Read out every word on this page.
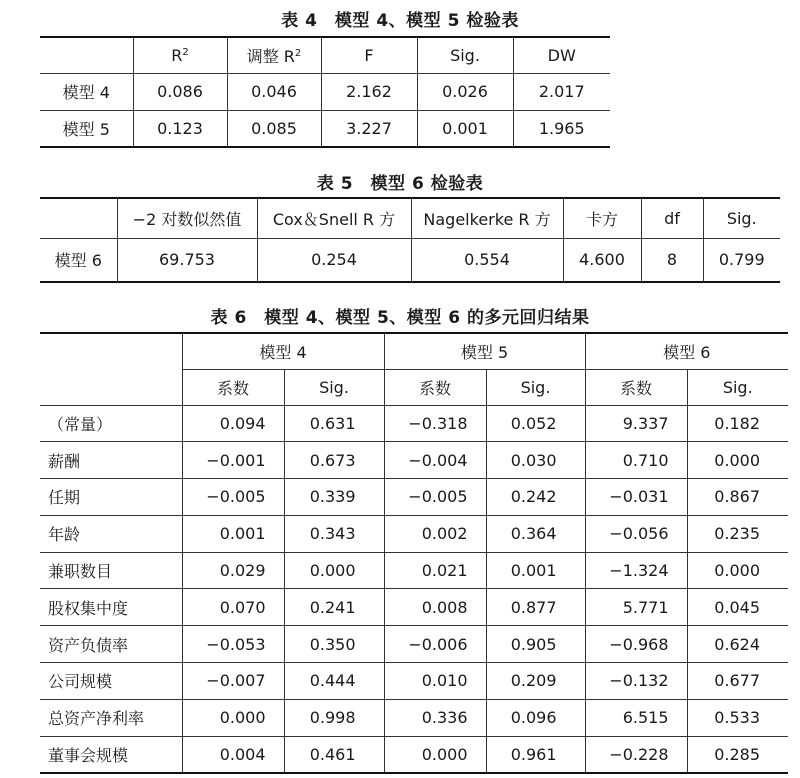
表 4　模型 4、模型 5 检验表
	$R^2$	调整 $R^2$	F	Sig.	DW
模型 4	0.086	0.046	2.162	0.026	2.017
模型 5	0.123	0.085	3.227	0.001	1.965
表 5　模型 6 检验表
	−2 对数似然值	Cox＆Snell R 方	Nagelkerke R 方	卡方	df	Sig.
模型 6	69.753	0.254	0.554	4.600	8	0.799
表 6　模型 4、模型 5、模型 6 的多元回归结果
	模型 4		模型 5		模型 6	
	系数	Sig.	系数	Sig.	系数	Sig.
（常量）	0.094	0.631	−0.318	0.052	9.337	0.182
薪酬	−0.001	0.673	−0.004	0.030	0.710	0.000
任期	−0.005	0.339	−0.005	0.242	−0.031	0.867
年龄	0.001	0.343	0.002	0.364	−0.056	0.235
兼职数目	0.029	0.000	0.021	0.001	−1.324	0.000
股权集中度	0.070	0.241	0.008	0.877	5.771	0.045
资产负债率	−0.053	0.350	−0.006	0.905	−0.968	0.624
公司规模	−0.007	0.444	0.010	0.209	−0.132	0.677
总资产净利率	0.000	0.998	0.336	0.096	6.515	0.533
董事会规模	0.004	0.461	0.000	0.961	−0.228	0.285
